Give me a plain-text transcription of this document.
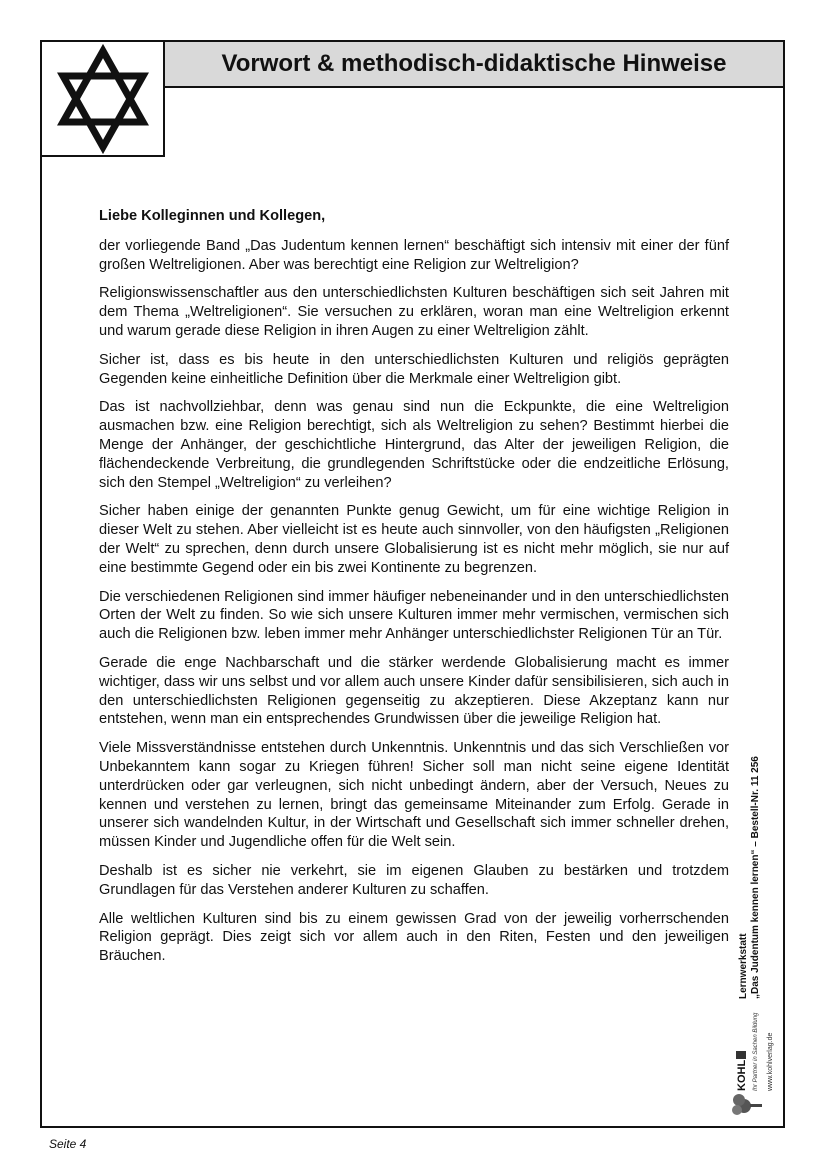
Vorwort & methodisch-didaktische Hinweise

Liebe Kolleginnen und Kollegen,

der vorliegende Band „Das Judentum kennen lernen“ beschäftigt sich intensiv mit einer der fünf großen Weltreligionen. Aber was berechtigt eine Religion zur Weltreligion?

Religionswissenschaftler aus den unterschiedlichsten Kulturen beschäftigen sich seit Jahren mit dem Thema „Weltreligionen“. Sie versuchen zu erklären, woran man eine Weltreligion erkennt und warum gerade diese Religion in ihren Augen zu einer Weltreligion zählt.

Sicher ist, dass es bis heute in den unterschiedlichsten Kulturen und religiös geprägten Gegenden keine einheitliche Definition über die Merkmale einer Weltreligion gibt.

Das ist nachvollziehbar, denn was genau sind nun die Eckpunkte, die eine Weltreligion ausmachen bzw. eine Religion berechtigt, sich als Weltreligion zu sehen? Bestimmt hierbei die Menge der Anhänger, der geschichtliche Hintergrund, das Alter der jeweiligen Religion, die flächendeckende Verbreitung, die grundlegenden Schriftstücke oder die endzeitliche Erlösung, sich den Stempel „Weltreligion“ zu verleihen?

Sicher haben einige der genannten Punkte genug Gewicht, um für eine wichtige Religion in dieser Welt zu stehen. Aber vielleicht ist es heute auch sinnvoller, von den häufigsten „Religionen der Welt“ zu sprechen, denn durch unsere Globalisierung ist es nicht mehr möglich, sie nur auf eine bestimmte Gegend oder ein bis zwei Kontinente zu begrenzen.

Die verschiedenen Religionen sind immer häufiger nebeneinander und in den unterschiedlichsten Orten der Welt zu finden. So wie sich unsere Kulturen immer mehr vermischen, vermischen sich auch die Religionen bzw. leben immer mehr Anhänger unterschiedlichster Religionen Tür an Tür.

Gerade die enge Nachbarschaft und die stärker werdende Globalisierung macht es immer wichtiger, dass wir uns selbst und vor allem auch unsere Kinder dafür sensibilisieren, sich auch in den unterschiedlichsten Religionen gegenseitig zu akzeptieren. Diese Akzeptanz kann nur entstehen, wenn man ein entsprechendes Grundwissen über die jeweilige Religion hat.

Viele Missverständnisse entstehen durch Unkenntnis. Unkenntnis und das sich Verschließen vor Unbekanntem kann sogar zu Kriegen führen! Sicher soll man nicht seine eigene Identität unterdrücken oder gar verleugnen, sich nicht unbedingt ändern, aber der Versuch, Neues zu kennen und verstehen zu lernen, bringt das gemeinsame Miteinander zum Erfolg. Gerade in unserer sich wandelnden Kultur, in der Wirtschaft und Gesellschaft sich immer schneller drehen, müssen Kinder und Jugendliche offen für die Welt sein.

Deshalb ist es sicher nie verkehrt, sie im eigenen Glauben zu bestärken und trotzdem Grundlagen für das Verstehen anderer Kulturen zu schaffen.

Alle weltlichen Kulturen sind bis zu einem gewissen Grad von der jeweilig vorherrschenden Religion geprägt. Dies zeigt sich vor allem auch in den Riten, Festen und den jeweiligen Bräuchen.

KOHL Ihr Partner in Sachen Bildung www.kohlverlag.de
Lernwerkstatt „Das Judentum kennen lernen“ – Bestell-Nr. 11 256
Seite 4
